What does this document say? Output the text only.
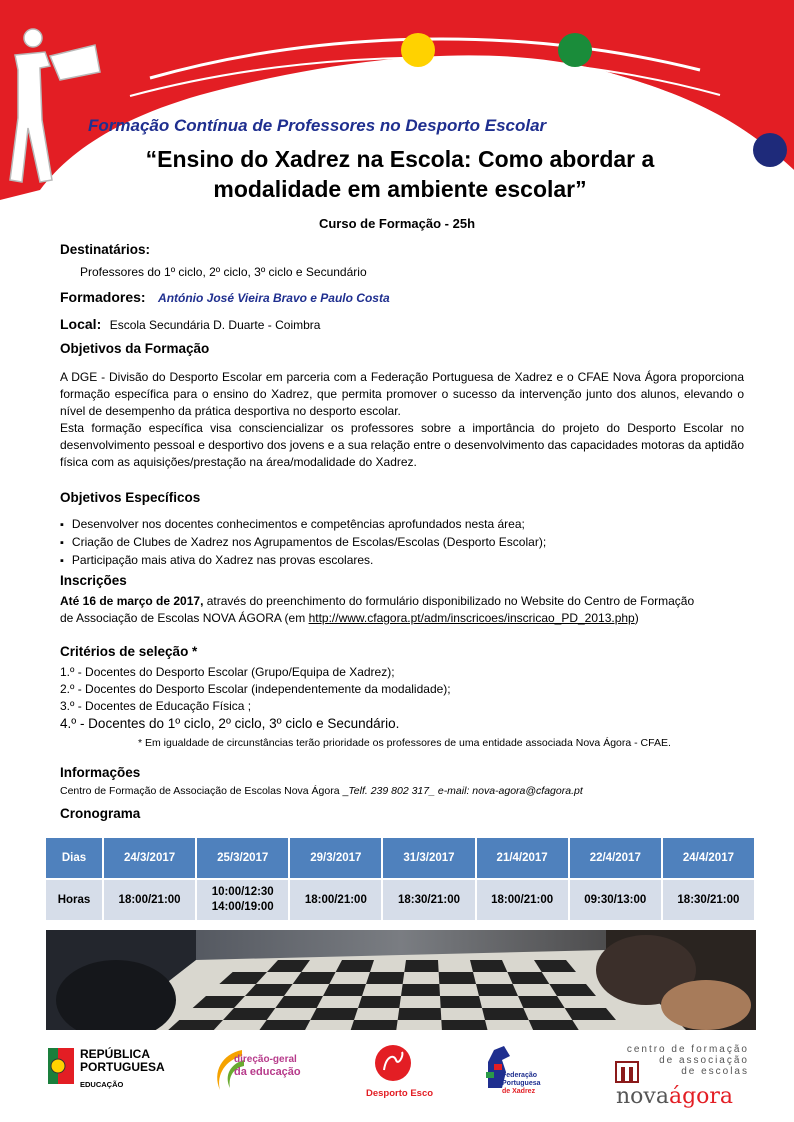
Formação Contínua de Professores no Desporto Escolar
“Ensino do Xadrez na Escola: Como abordar a
modalidade em ambiente escolar”
Curso de Formação - 25h
Destinatários:
Professores do 1º ciclo, 2º ciclo, 3º ciclo e Secundário
Formadores: António José Vieira Bravo e Paulo Costa
Local: Escola Secundária D. Duarte - Coimbra
Objetivos da Formação
A DGE - Divisão do Desporto Escolar em parceria com a Federação Portuguesa de Xadrez e o CFAE Nova Ágora proporciona formação específica para o ensino do Xadrez, que permita promover o sucesso da intervenção junto dos alunos, elevando o nível de desempenho da prática desportiva no desporto escolar.
Esta formação específica visa consciencializar os professores sobre a importância do projeto do Desporto Escolar no desenvolvimento pessoal e desportivo dos jovens e a sua relação entre o desenvolvimento das capacidades motoras da aptidão física com as aquisições/prestação na área/modalidade do Xadrez.
Objetivos Específicos
▪ Desenvolver nos docentes conhecimentos e competências aprofundados nesta área;
▪ Criação de Clubes de Xadrez nos Agrupamentos de Escolas/Escolas (Desporto Escolar);
▪ Participação mais ativa do Xadrez nas provas escolares.
Inscrições
Até 16 de março de 2017, através do preenchimento do formulário disponibilizado no Website do Centro de Formação
de Associação de Escolas NOVA ÁGORA (em http://www.cfagora.pt/adm/inscricoes/inscricao_PD_2013.php)
Critérios de seleção *
1.º - Docentes do Desporto Escolar (Grupo/Equipa de Xadrez);
2.º - Docentes do Desporto Escolar (independentemente da modalidade);
3.º - Docentes de Educação Física ;
4.º - Docentes do 1º ciclo, 2º ciclo, 3º ciclo e Secundário.
* Em igualdade de circunstâncias terão prioridade os professores de uma entidade associada Nova Ágora - CFAE.
Informações
Centro de Formação de Associação de Escolas Nova Ágora _Telf. 239 802 317_ e-mail: nova-agora@cfagora.pt
Cronograma
Dias	24/3/2017	25/3/2017	29/3/2017	31/3/2017	21/4/2017	22/4/2017	24/4/2017
Horas	18:00/21:00	10:00/12:30
14:00/19:00	18:00/21:00	18:30/21:00	18:00/21:00	09:30/13:00	18:30/21:00
REPÚBLICA
PORTUGUESA
EDUCAÇÃO
direção-geral
da educação
Desporto Esco
Federação
Portuguesa
de Xadrez
centro de formação
de associação
de escolas
novaágora
